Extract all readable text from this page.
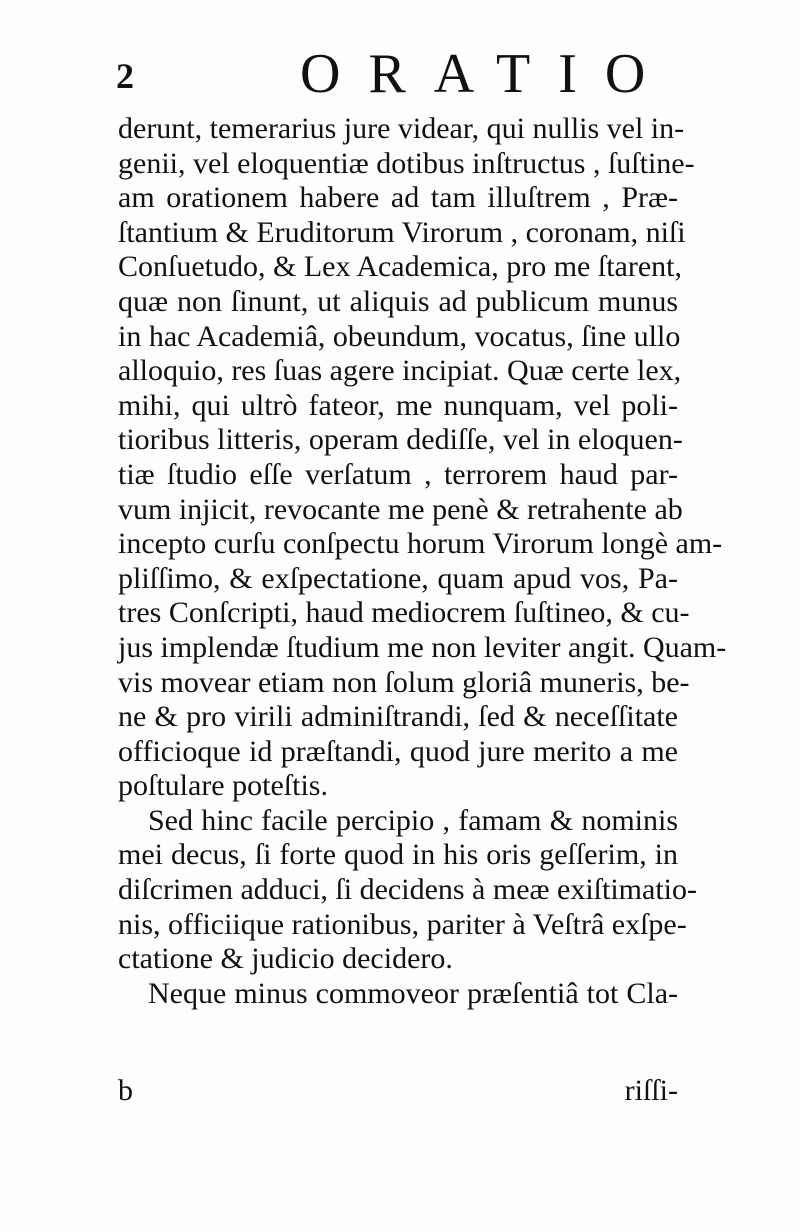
2	ORATIO
derunt, temerarius jure videar, qui nullis vel in-
genii, vel eloquentiæ dotibus inſtructus , ſuſtine-
am orationem habere ad tam illuſtrem , Præ-
ſtantium & Eruditorum Virorum , coronam, niſi
Conſuetudo, & Lex Academica, pro me ſtarent,
quæ non ſinunt, ut aliquis ad publicum munus
in hac Academiâ, obeundum, vocatus, ſine ullo
alloquio, res ſuas agere incipiat. Quæ certe lex,
mihi, qui ultrò fateor, me nunquam, vel poli-
tioribus litteris, operam dediſſe, vel in eloquen-
tiæ ſtudio eſſe verſatum , terrorem haud par-
vum injicit, revocante me penè & retrahente ab
incepto curſu conſpectu horum Virorum longè am-
pliſſimo, & exſpectatione, quam apud vos, Pa-
tres Conſcripti, haud mediocrem ſuſtineo, & cu-
jus implendæ ſtudium me non leviter angit. Quam-
vis movear etiam non ſolum gloriâ muneris, be-
ne & pro virili adminiſtrandi, ſed & neceſſitate
officioque id præſtandi, quod jure merito a me
poſtulare poteſtis.
Sed hinc facile percipio , famam & nominis
mei decus, ſi forte quod in his oris geſſerim, in
diſcrimen adduci, ſi decidens à meæ exiſtimatio-
nis, officiique rationibus, pariter à Veſtrâ exſpe-
ctatione & judicio decidero.
Neque minus commoveor præſentiâ tot Cla-
b	riſſi-
